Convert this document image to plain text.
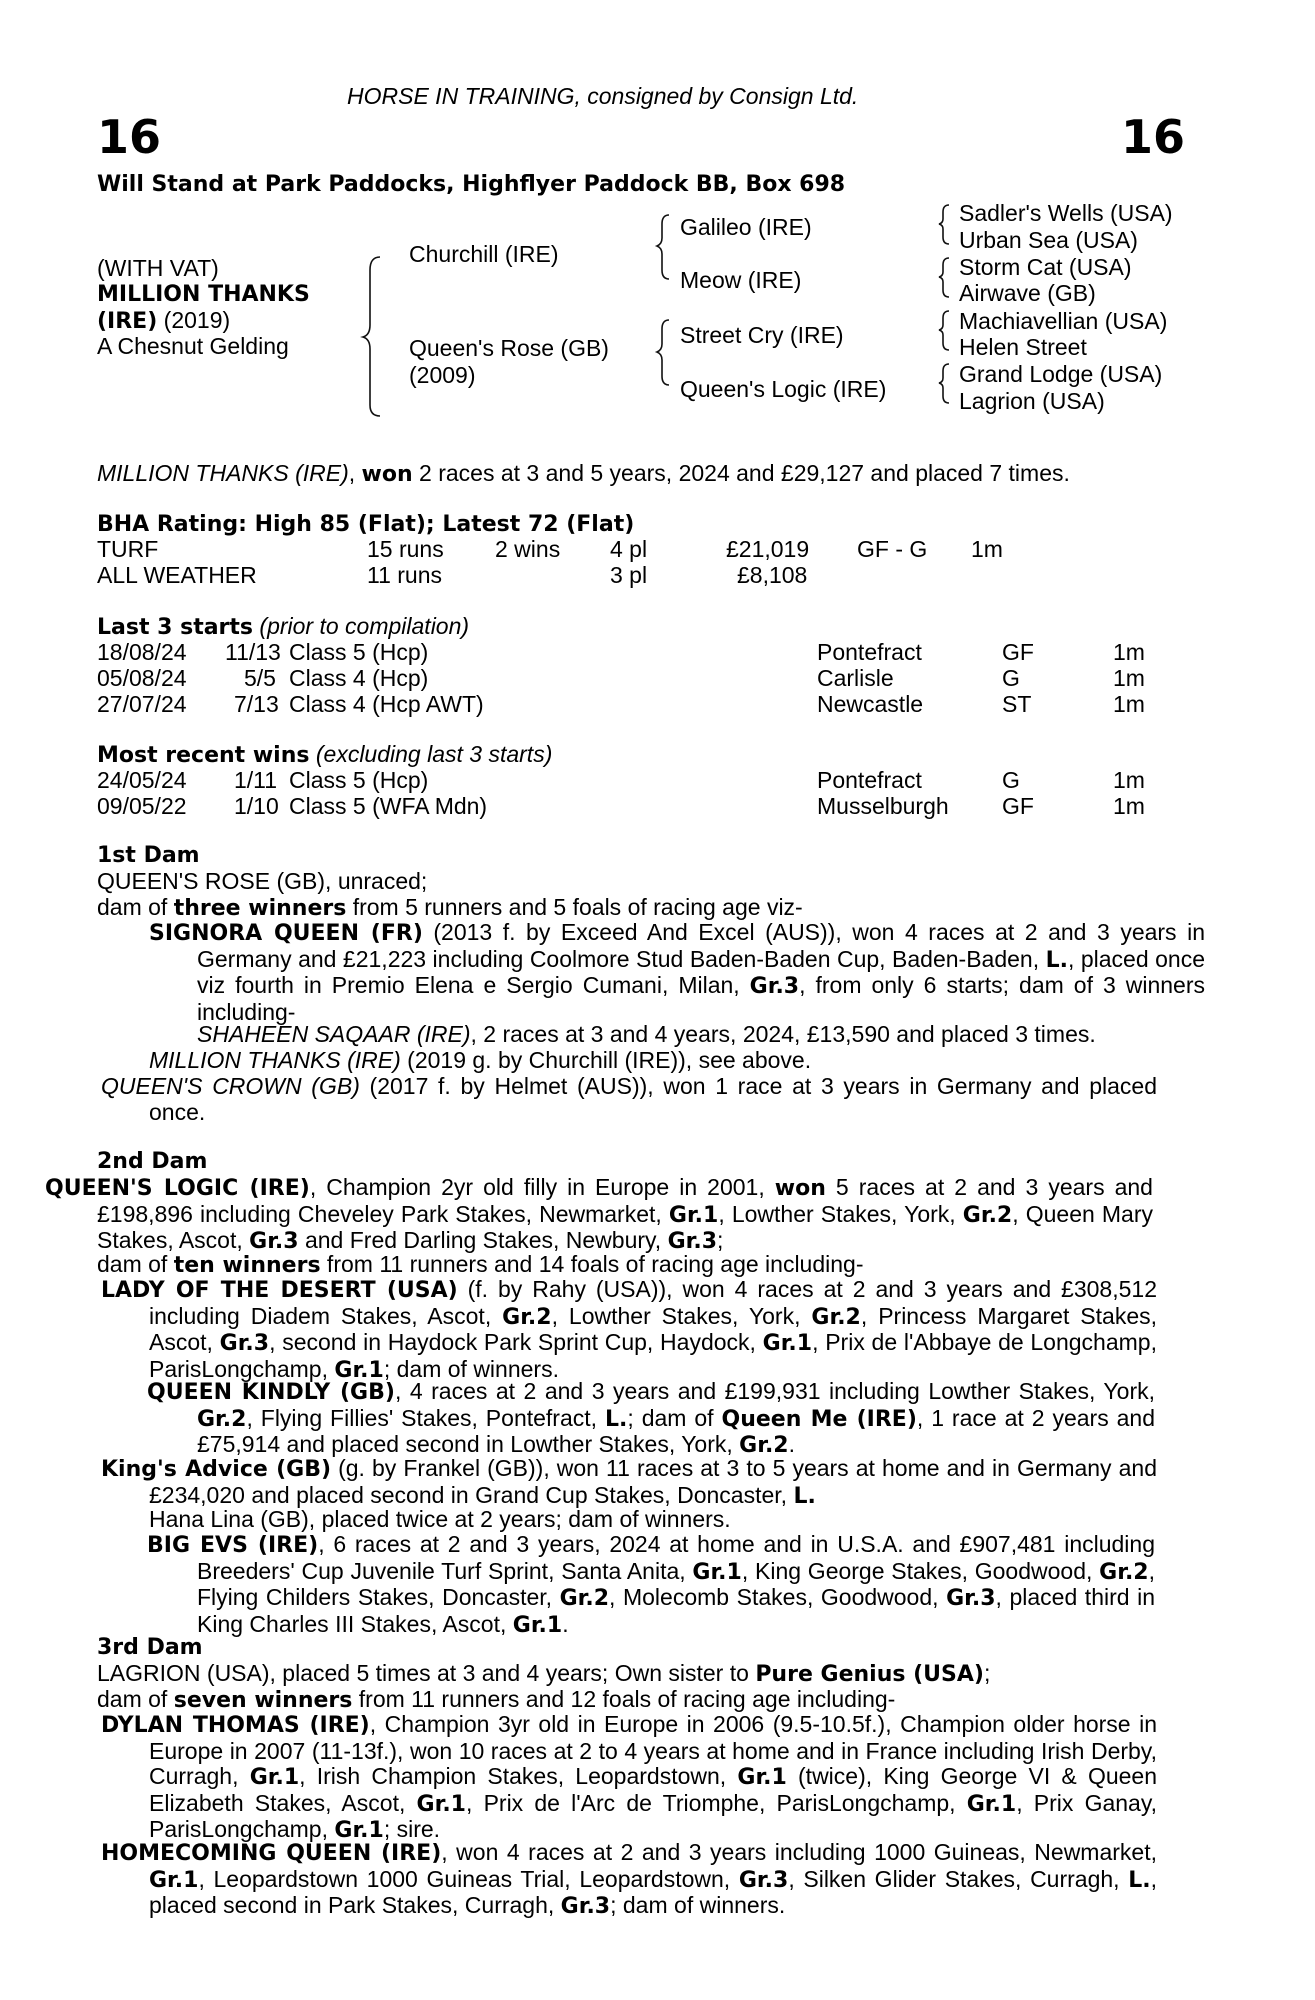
HORSE IN TRAINING, consigned by Consign Ltd.
16	16
Will Stand at Park Paddocks, Highflyer Paddock BB, Box 698
(WITH VAT)
MILLION THANKS
(IRE) (2019)
A Chesnut Gelding
Churchill (IRE)
Queen's Rose (GB)
(2009)
Galileo (IRE)
Meow (IRE)
Street Cry (IRE)
Queen's Logic (IRE)
Sadler's Wells (USA)
Urban Sea (USA)
Storm Cat (USA)
Airwave (GB)
Machiavellian (USA)
Helen Street
Grand Lodge (USA)
Lagrion (USA)
MILLION THANKS (IRE), won 2 races at 3 and 5 years, 2024 and £29,127 and placed 7 times.
BHA Rating: High 85 (Flat); Latest 72 (Flat)
TURF	15 runs 2 wins 4 pl	£21,019 GF - G 1m
ALL WEATHER	11 runs	3 pl	£8,108
Last 3 starts (prior to compilation)
18/08/24 11/13 Class 5 (Hcp)	Pontefract	GF	1m
05/08/24 5/5 Class 4 (Hcp)	Carlisle	G	1m
27/07/24 7/13 Class 4 (Hcp AWT)	Newcastle	ST	1m
Most recent wins (excluding last 3 starts)
24/05/24 1/11 Class 5 (Hcp)	Pontefract	G	1m
09/05/22 1/10 Class 5 (WFA Mdn)	Musselburgh GF	1m
1st Dam
QUEEN'S ROSE (GB), unraced;
dam of three winners from 5 runners and 5 foals of racing age viz-
SIGNORA QUEEN (FR) (2013 f. by Exceed And Excel (AUS)), won 4 races at 2 and 3 years in Germany and £21,223 including Coolmore Stud Baden-Baden Cup, Baden-Baden, L., placed once viz fourth in Premio Elena e Sergio Cumani, Milan, Gr.3, from only 6 starts; dam of 3 winners including-
SHAHEEN SAQAAR (IRE), 2 races at 3 and 4 years, 2024, £13,590 and placed 3 times.
MILLION THANKS (IRE) (2019 g. by Churchill (IRE)), see above.
QUEEN'S CROWN (GB) (2017 f. by Helmet (AUS)), won 1 race at 3 years in Germany and placed once.
2nd Dam
QUEEN'S LOGIC (IRE), Champion 2yr old filly in Europe in 2001, won 5 races at 2 and 3 years and £198,896 including Cheveley Park Stakes, Newmarket, Gr.1, Lowther Stakes, York, Gr.2, Queen Mary Stakes, Ascot, Gr.3 and Fred Darling Stakes, Newbury, Gr.3;
dam of ten winners from 11 runners and 14 foals of racing age including-
LADY OF THE DESERT (USA) (f. by Rahy (USA)), won 4 races at 2 and 3 years and £308,512 including Diadem Stakes, Ascot, Gr.2, Lowther Stakes, York, Gr.2, Princess Margaret Stakes, Ascot, Gr.3, second in Haydock Park Sprint Cup, Haydock, Gr.1, Prix de l'Abbaye de Longchamp, ParisLongchamp, Gr.1; dam of winners.
QUEEN KINDLY (GB), 4 races at 2 and 3 years and £199,931 including Lowther Stakes, York, Gr.2, Flying Fillies' Stakes, Pontefract, L.; dam of Queen Me (IRE), 1 race at 2 years and £75,914 and placed second in Lowther Stakes, York, Gr.2.
King's Advice (GB) (g. by Frankel (GB)), won 11 races at 3 to 5 years at home and in Germany and £234,020 and placed second in Grand Cup Stakes, Doncaster, L.
Hana Lina (GB), placed twice at 2 years; dam of winners.
BIG EVS (IRE), 6 races at 2 and 3 years, 2024 at home and in U.S.A. and £907,481 including Breeders' Cup Juvenile Turf Sprint, Santa Anita, Gr.1, King George Stakes, Goodwood, Gr.2, Flying Childers Stakes, Doncaster, Gr.2, Molecomb Stakes, Goodwood, Gr.3, placed third in King Charles III Stakes, Ascot, Gr.1.
3rd Dam
LAGRION (USA), placed 5 times at 3 and 4 years; Own sister to Pure Genius (USA);
dam of seven winners from 11 runners and 12 foals of racing age including-
DYLAN THOMAS (IRE), Champion 3yr old in Europe in 2006 (9.5-10.5f.), Champion older horse in Europe in 2007 (11-13f.), won 10 races at 2 to 4 years at home and in France including Irish Derby, Curragh, Gr.1, Irish Champion Stakes, Leopardstown, Gr.1 (twice), King George VI & Queen Elizabeth Stakes, Ascot, Gr.1, Prix de l'Arc de Triomphe, ParisLongchamp, Gr.1, Prix Ganay, ParisLongchamp, Gr.1; sire.
HOMECOMING QUEEN (IRE), won 4 races at 2 and 3 years including 1000 Guineas, Newmarket, Gr.1, Leopardstown 1000 Guineas Trial, Leopardstown, Gr.3, Silken Glider Stakes, Curragh, L., placed second in Park Stakes, Curragh, Gr.3; dam of winners.
